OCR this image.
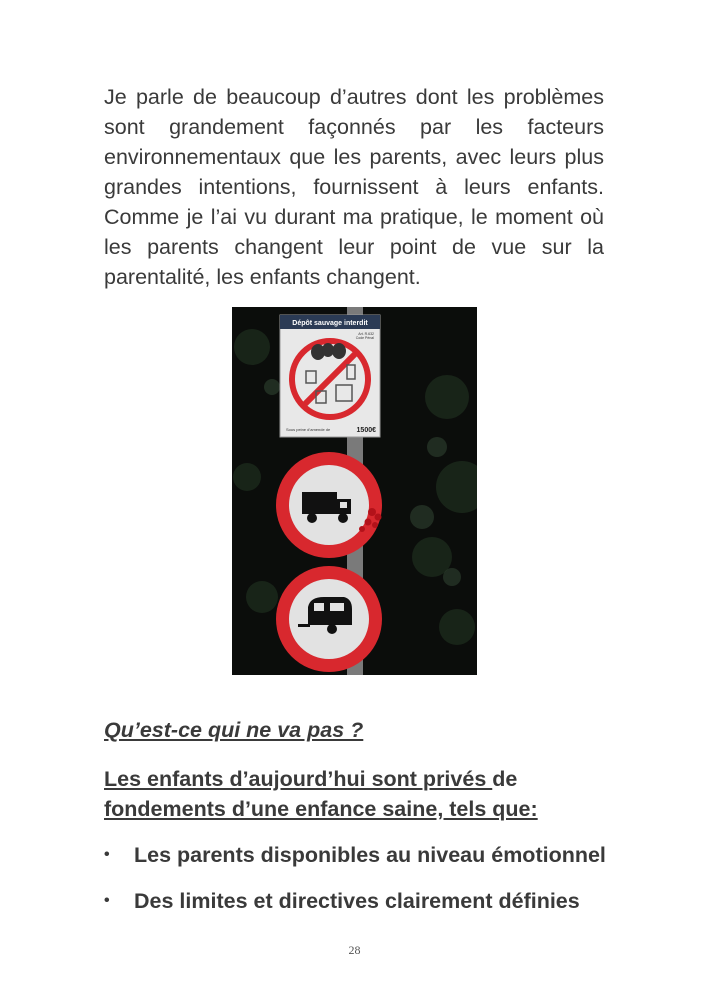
Je parle de beaucoup d’autres dont les problèmes sont grandement façonnés par les facteurs environnementaux que les parents, avec leurs plus grandes intentions, fournissent à leurs enfants. Comme je l’ai vu durant ma pratique, le moment où les parents changent leur point de vue sur la parentalité, les enfants changent.

Dépôt sauvage interdit
Art. R.632
Code Pénal
Sous peine d’amende de	1500€

Qu’est-ce qui ne va pas ?

Les enfants d’aujourd’hui sont privés de
fondements d’une enfance saine, tels que:

• Les parents disponibles au niveau émotionnel
• Des limites et directives clairement définies
28
